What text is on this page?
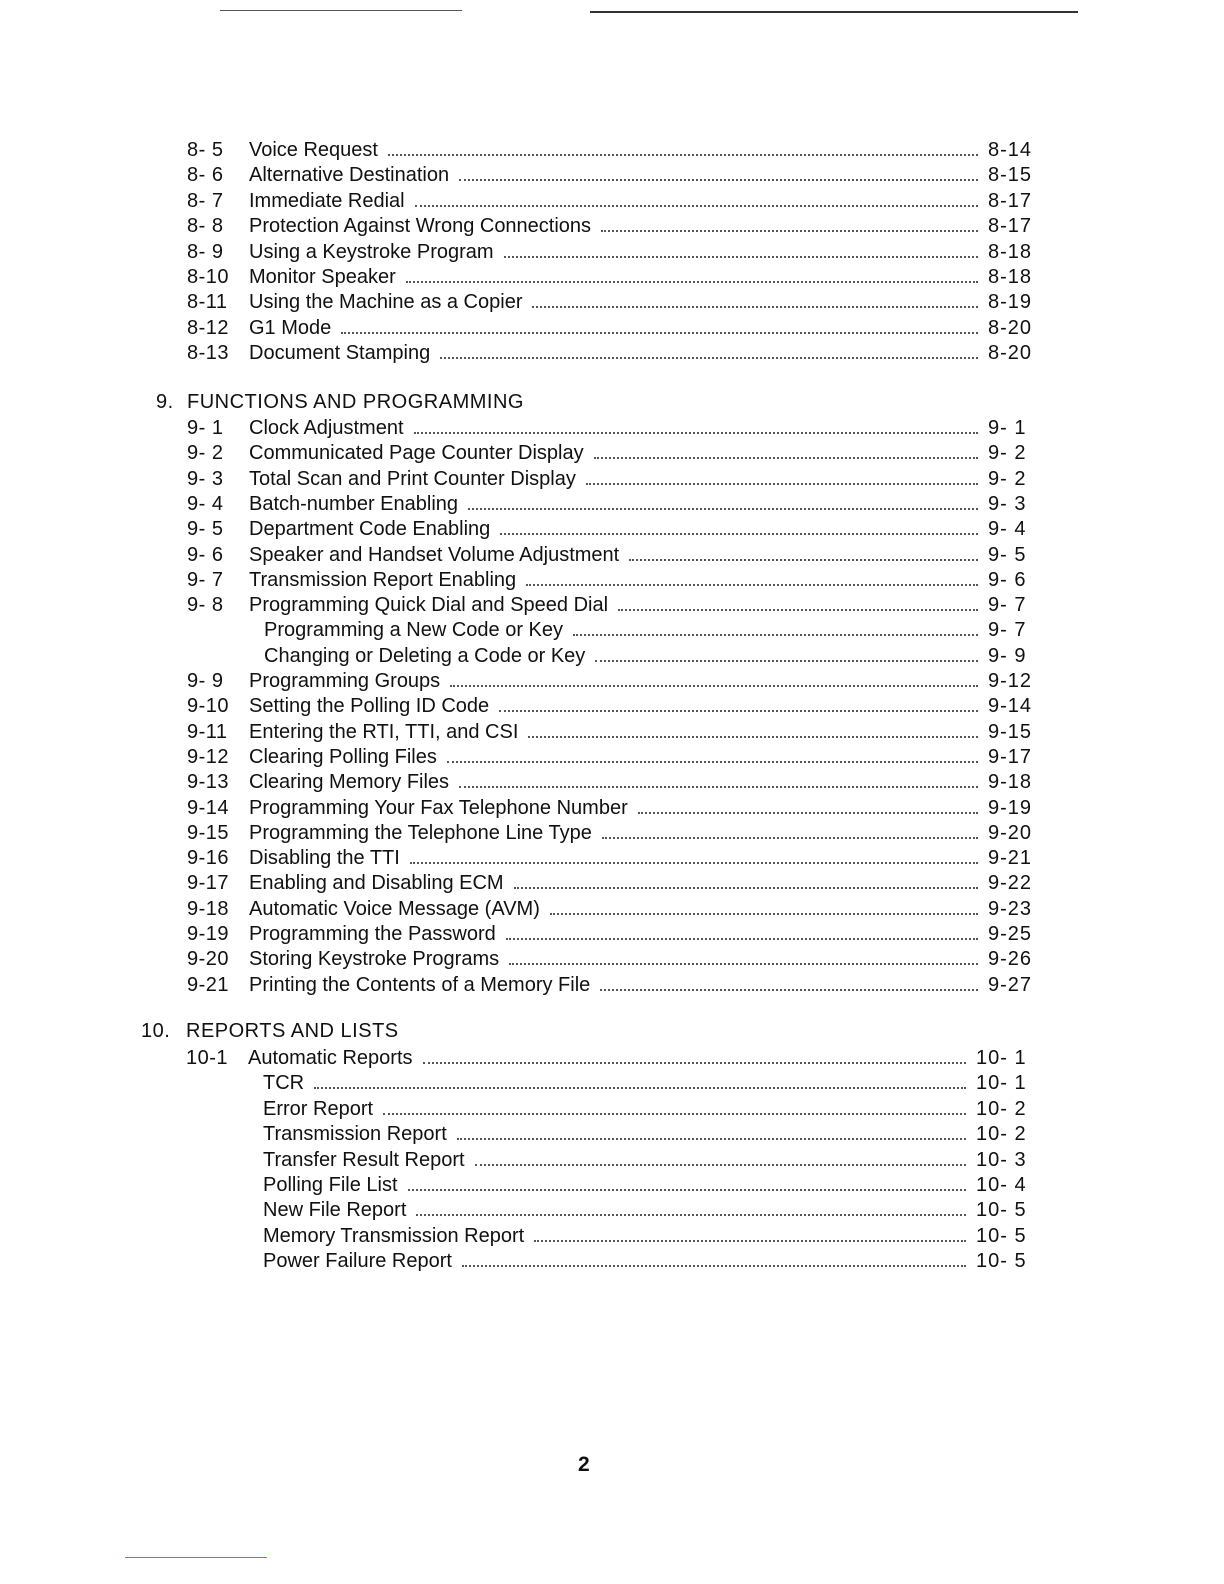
8- 5	Voice Request	8-14
8- 6	Alternative Destination	8-15
8- 7	Immediate Redial	8-17
8- 8	Protection Against Wrong Connections	8-17
8- 9	Using a Keystroke Program	8-18
8-10 Monitor Speaker	8-18
8-11	Using the Machine as a Copier	8-19
8-12 G1 Mode	8-20
8-13 Document Stamping	8-20
9. FUNCTIONS AND PROGRAMMING
9- 1	Clock Adjustment	9- 1
9- 2	Communicated Page Counter Display	9- 2
9- 3	Total Scan and Print Counter Display	9- 2
9- 4	Batch-number Enabling	9- 3
9- 5	Department Code Enabling	9- 4
9- 6	Speaker and Handset Volume Adjustment	9- 5
9- 7	Transmission Report Enabling	9- 6
9- 8	Programming Quick Dial and Speed Dial	9- 7
Programming a New Code or Key	9- 7
Changing or Deleting a Code or Key	9- 9
9- 9	Programming Groups	9-12
9-10 Setting the Polling ID Code	9-14
9-11	Entering the RTI, TTI, and CSI	9-15
9-12 Clearing Polling Files	9-17
9-13 Clearing Memory Files	9-18
9-14 Programming Your Fax Telephone Number	9-19
9-15 Programming the Telephone Line Type	9-20
9-16 Disabling the TTI	9-21
9-17 Enabling and Disabling ECM	9-22
9-18 Automatic Voice Message (AVM)	9-23
9-19 Programming the Password	9-25
9-20 Storing Keystroke Programs	9-26
9-21 Printing the Contents of a Memory File	9-27
10. REPORTS AND LISTS
10-1 Automatic Reports	10- 1
TCR	10- 1
Error Report	10- 2
Transmission Report	10- 2
Transfer Result Report	10- 3
Polling File List	10- 4
New File Report	10- 5
Memory Transmission Report	10- 5
Power Failure Report	10- 5
2
